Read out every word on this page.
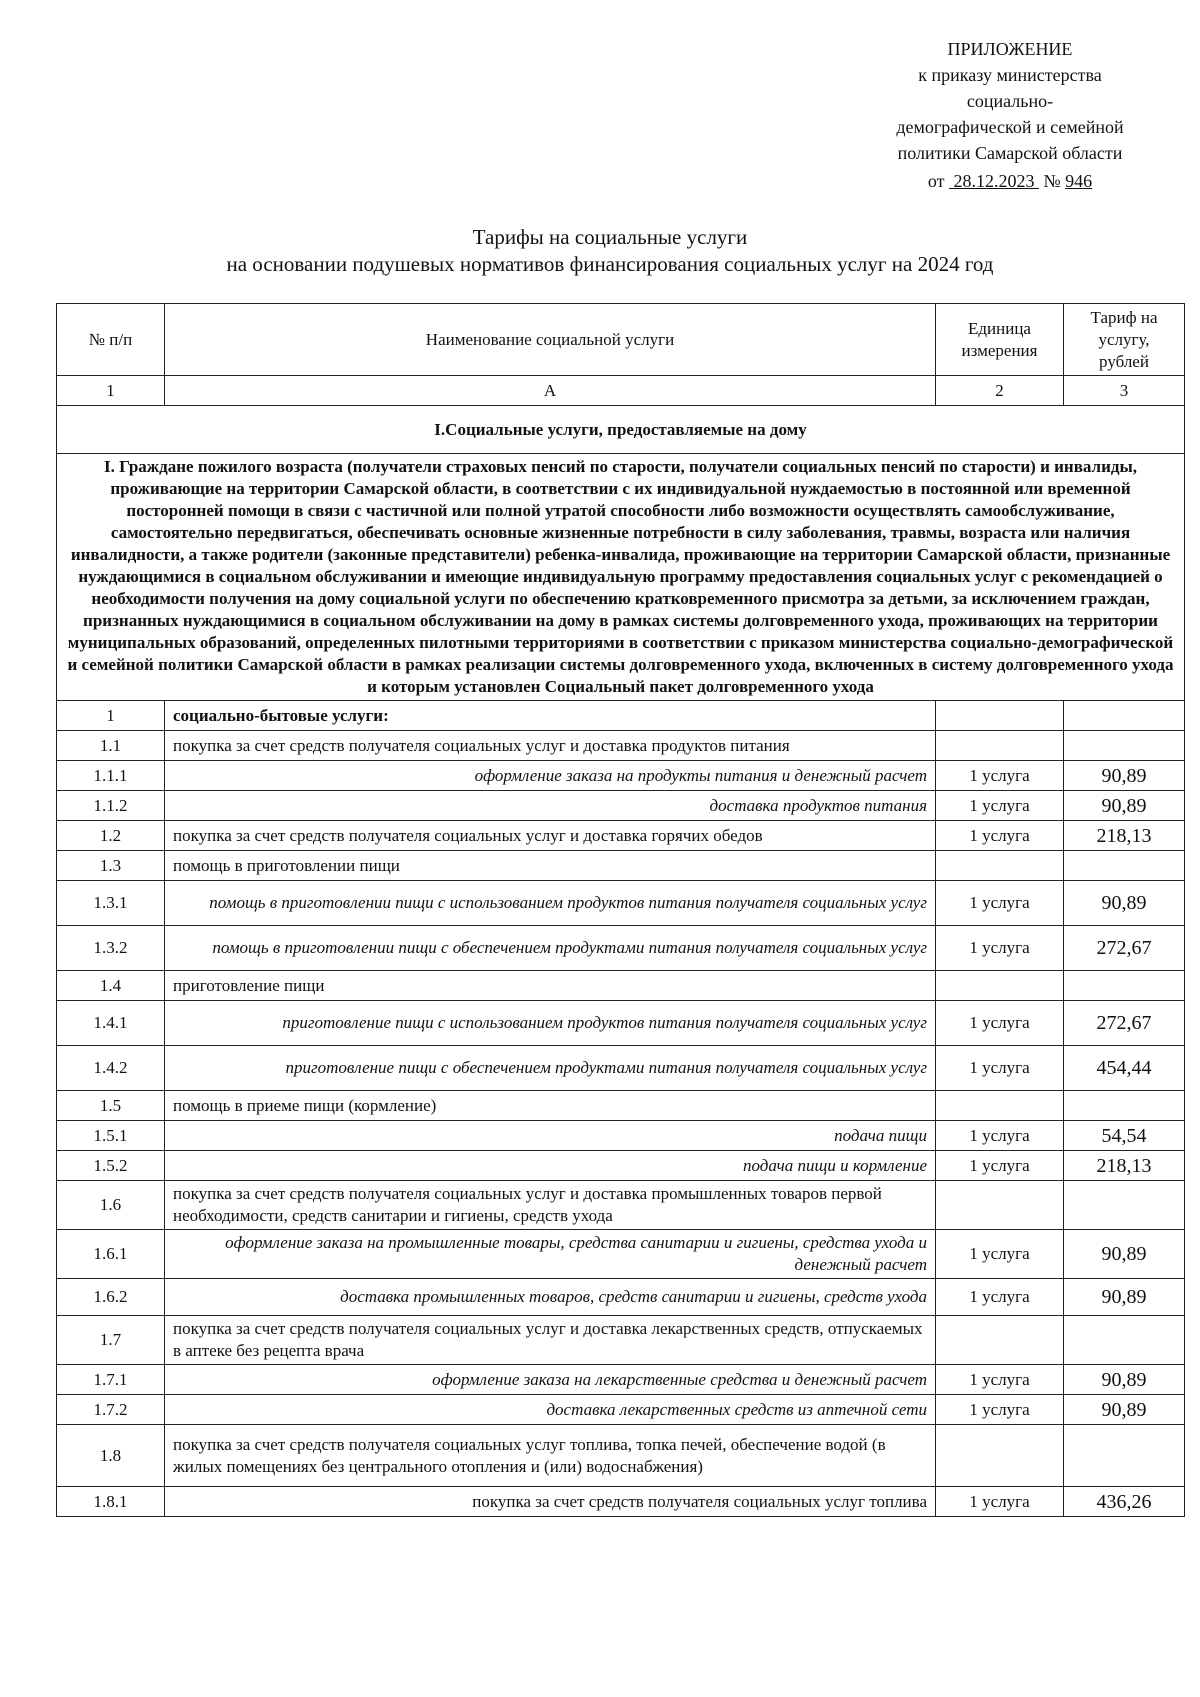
ПРИЛОЖЕНИЕ
к приказу министерства
социально-
демографической и семейной
политики Самарской области
от 28.12.2023 № 946
Тарифы на социальные услуги
на основании подушевых нормативов финансирования социальных услуг на 2024 год
№ п/п	Наименование социальной услуги	Единица измерения	Тариф на услугу, рублей
1	А	2	3
I.Социальные услуги, предоставляемые на дому			
I. Граждане пожилого возраста (получатели страховых пенсий по старости, получатели социальных пенсий по старости) и инвалиды, проживающие на территории Самарской области, в соответствии с их индивидуальной нуждаемостью в постоянной или временной посторонней помощи в связи с частичной или полной утратой способности либо возможности осуществлять самообслуживание, самостоятельно передвигаться, обеспечивать основные жизненные потребности в силу заболевания, травмы, возраста или наличия инвалидности, а также родители (законные представители) ребенка-инвалида, проживающие на территории Самарской области, признанные нуждающимися в социальном обслуживании и имеющие индивидуальную программу предоставления социальных услуг с рекомендацией о необходимости получения на дому социальной услуги по обеспечению кратковременного присмотра за детьми, за исключением граждан, признанных нуждающимися в социальном обслуживании на дому в рамках системы долговременного ухода, проживающих на территории муниципальных образований, определенных пилотными территориями в соответствии с приказом министерства социально-демографической и семейной политики Самарской области в рамках реализации системы долговременного ухода, включенных в систему долговременного ухода и которым установлен Социальный пакет долговременного ухода			
1	социально-бытовые услуги:		
1.1	покупка за счет средств получателя социальных услуг и доставка продуктов питания		
1.1.1	оформление заказа на продукты питания и денежный расчет	1 услуга	90,89
1.1.2	доставка продуктов питания	1 услуга	90,89
1.2	покупка за счет средств получателя социальных услуг и доставка горячих обедов	1 услуга	218,13
1.3	помощь в приготовлении пищи		
1.3.1	помощь в приготовлении пищи с использованием продуктов питания получателя социальных услуг	1 услуга	90,89
1.3.2	помощь в приготовлении пищи с обеспечением продуктами питания получателя социальных услуг	1 услуга	272,67
1.4	приготовление пищи		
1.4.1	приготовление пищи с использованием продуктов питания получателя социальных услуг	1 услуга	272,67
1.4.2	приготовление пищи с обеспечением продуктами питания получателя социальных услуг	1 услуга	454,44
1.5	помощь в приеме пищи (кормление)		
1.5.1	подача пищи	1 услуга	54,54
1.5.2	подача пищи и кормление	1 услуга	218,13
1.6	покупка за счет средств получателя социальных услуг и доставка промышленных товаров первой необходимости, средств санитарии и гигиены, средств ухода		
1.6.1	оформление заказа на промышленные товары, средства санитарии и гигиены, средства ухода и денежный расчет	1 услуга	90,89
1.6.2	доставка промышленных товаров, средств санитарии и гигиены, средств ухода	1 услуга	90,89
1.7	покупка за счет средств получателя социальных услуг и доставка лекарственных средств, отпускаемых в аптеке без рецепта врача		
1.7.1	оформление заказа на лекарственные средства и денежный расчет	1 услуга	90,89
1.7.2	доставка лекарственных средств из аптечной сети	1 услуга	90,89
1.8	покупка за счет средств получателя социальных услуг топлива, топка печей, обеспечение водой (в жилых помещениях без центрального отопления и (или) водоснабжения)		
1.8.1	покупка за счет средств получателя социальных услуг топлива	1 услуга	436,26
